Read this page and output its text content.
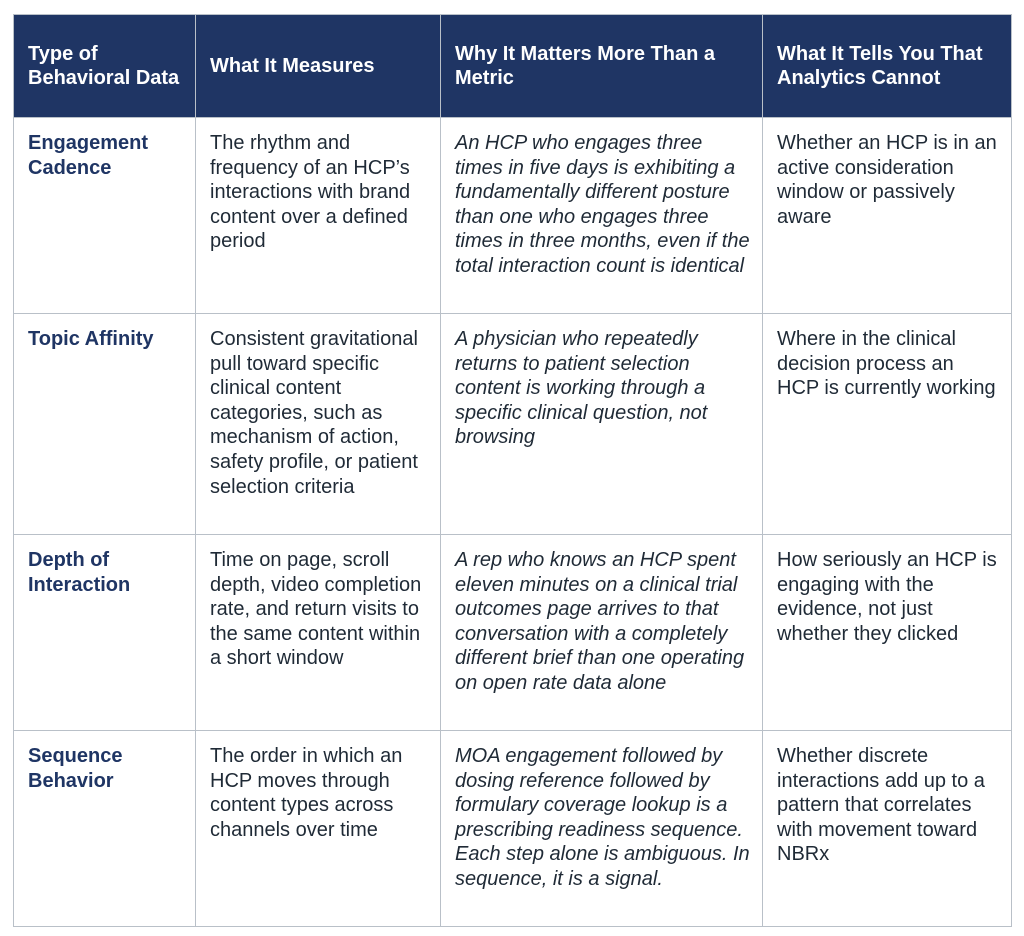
Type of Behavioral Data	What It Measures	Why It Matters More Than a Metric	What It Tells You That Analytics Cannot
Engagement Cadence	The rhythm and frequency of an HCP’s interactions with brand content over a defined period	An HCP who engages three times in five days is exhibiting a fundamentally different posture than one who engages three times in three months, even if the total interaction count is identical	Whether an HCP is in an active consideration window or passively aware
Topic Affinity	Consistent gravitational pull toward specific clinical content categories, such as mechanism of action, safety profile, or patient selection criteria	A physician who repeatedly returns to patient selection content is working through a specific clinical question, not browsing	Where in the clinical decision process an HCP is currently working
Depth of Interaction	Time on page, scroll depth, video completion rate, and return visits to the same content within a short window	A rep who knows an HCP spent eleven minutes on a clinical trial outcomes page arrives to that conversation with a completely different brief than one operating on open rate data alone	How seriously an HCP is engaging with the evidence, not just whether they clicked
Sequence Behavior	The order in which an HCP moves through content types across channels over time	MOA engagement followed by dosing reference followed by formulary coverage lookup is a prescribing readiness sequence. Each step alone is ambiguous. In sequence, it is a signal.	Whether discrete interactions add up to a pattern that correlates with movement toward NBRx
